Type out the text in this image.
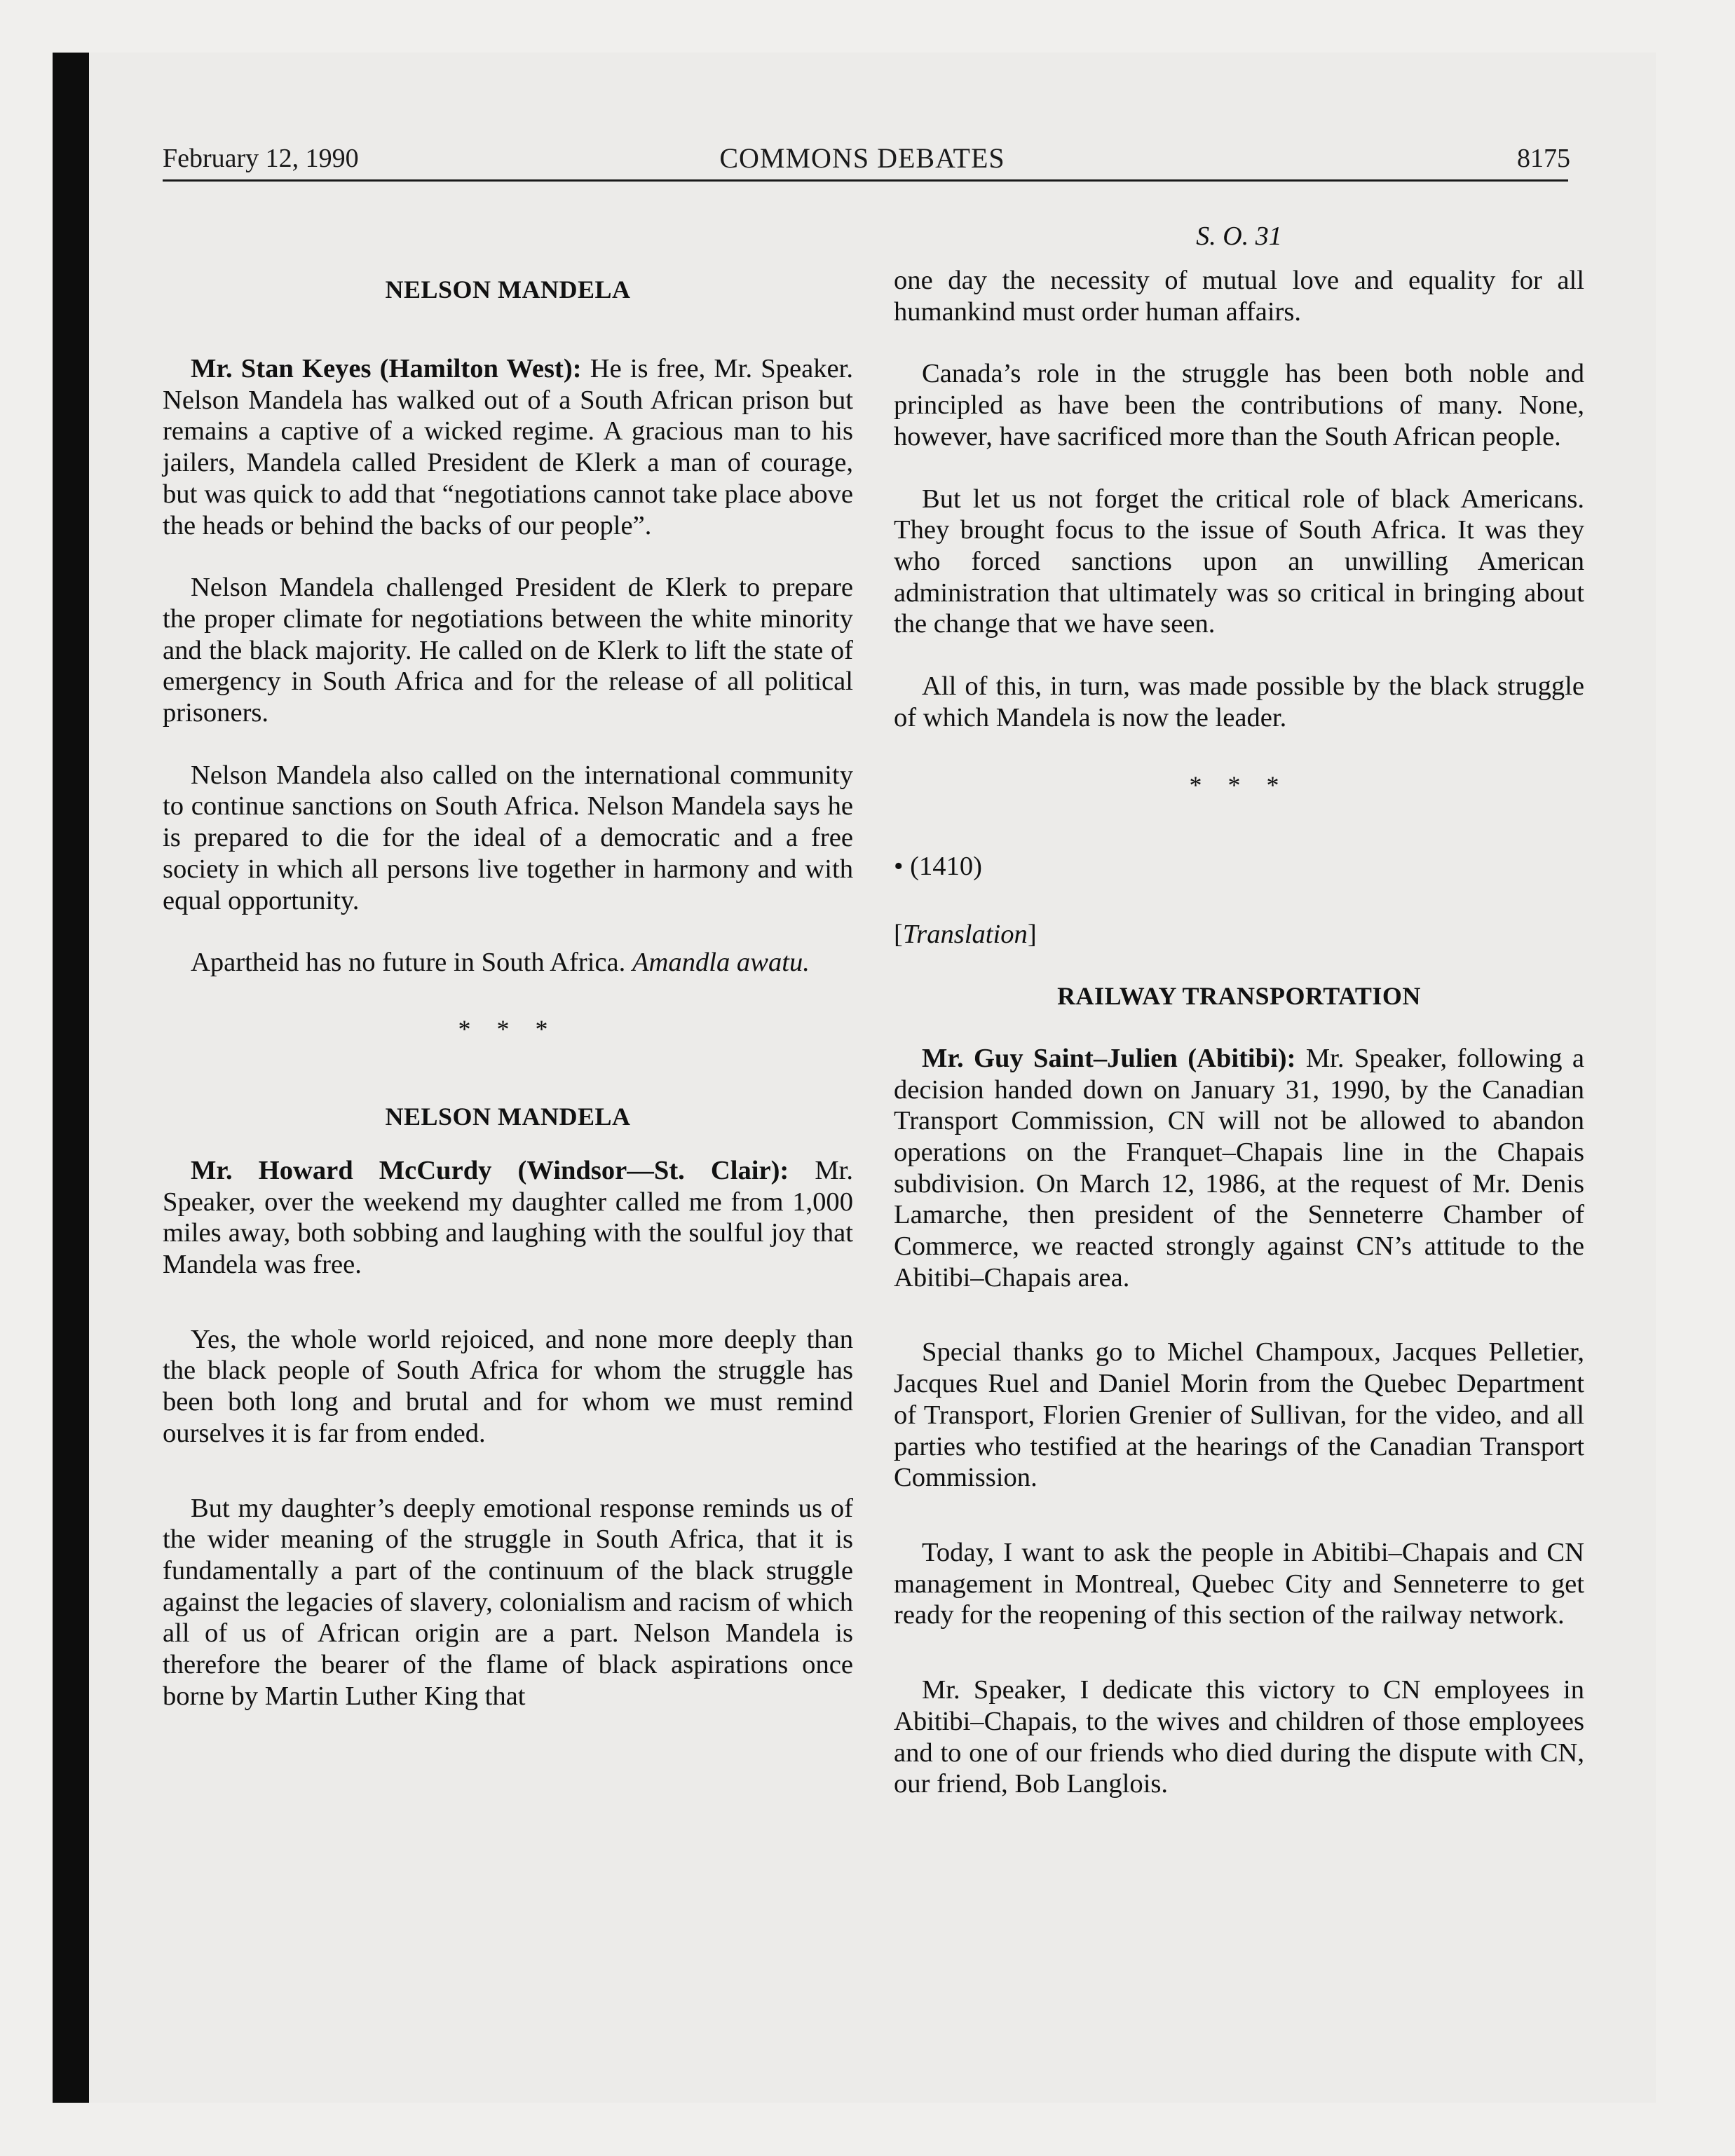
February 12, 1990	COMMONS DEBATES	8175
NELSON MANDELA

Mr. Stan Keyes (Hamilton West): He is free, Mr. Speaker. Nelson Mandela has walked out of a South African prison but remains a captive of a wicked regime. A gracious man to his jailers, Mandela called President de Klerk a man of courage, but was quick to add that “negotiations cannot take place above the heads or behind the backs of our people”.

Nelson Mandela challenged President de Klerk to prepare the proper climate for negotiations between the white minority and the black majority. He called on de Klerk to lift the state of emergency in South Africa and for the release of all political prisoners.

Nelson Mandela also called on the international community to continue sanctions on South Africa. Nelson Mandela says he is prepared to die for the ideal of a democratic and a free society in which all persons live together in harmony and with equal opportunity.

Apartheid has no future in South Africa. Amandla awatu.

* * *
NELSON MANDELA

Mr. Howard McCurdy (Windsor—St. Clair): Mr. Speaker, over the weekend my daughter called me from 1,000 miles away, both sobbing and laughing with the soulful joy that Mandela was free.

Yes, the whole world rejoiced, and none more deeply than the black people of South Africa for whom the struggle has been both long and brutal and for whom we must remind ourselves it is far from ended.

But my daughter’s deeply emotional response reminds us of the wider meaning of the struggle in South Africa, that it is fundamentally a part of the continuum of the black struggle against the legacies of slavery, colonialism and racism of which all of us of African origin are a part. Nelson Mandela is therefore the bearer of the flame of black aspirations once borne by Martin Luther King that

S. O. 31

one day the necessity of mutual love and equality for all humankind must order human affairs.

Canada’s role in the struggle has been both noble and principled as have been the contributions of many. None, however, have sacrificed more than the South African people.

But let us not forget the critical role of black Americans. They brought focus to the issue of South Africa. It was they who forced sanctions upon an unwilling American administration that ultimately was so critical in bringing about the change that we have seen.

All of this, in turn, was made possible by the black struggle of which Mandela is now the leader.

* * *

• (1410)

[Translation]

RAILWAY TRANSPORTATION

Mr. Guy Saint–Julien (Abitibi): Mr. Speaker, following a decision handed down on January 31, 1990, by the Canadian Transport Commission, CN will not be allowed to abandon operations on the Franquet–Chapais line in the Chapais subdivision. On March 12, 1986, at the request of Mr. Denis Lamarche, then president of the Senneterre Chamber of Commerce, we reacted strongly against CN’s attitude to the Abitibi–Chapais area.

Special thanks go to Michel Champoux, Jacques Pelletier, Jacques Ruel and Daniel Morin from the Quebec Department of Transport, Florien Grenier of Sullivan, for the video, and all parties who testified at the hearings of the Canadian Transport Commission.

Today, I want to ask the people in Abitibi–Chapais and CN management in Montreal, Quebec City and Senneterre to get ready for the reopening of this section of the railway network.

Mr. Speaker, I dedicate this victory to CN employees in Abitibi–Chapais, to the wives and children of those employees and to one of our friends who died during the dispute with CN, our friend, Bob Langlois.
